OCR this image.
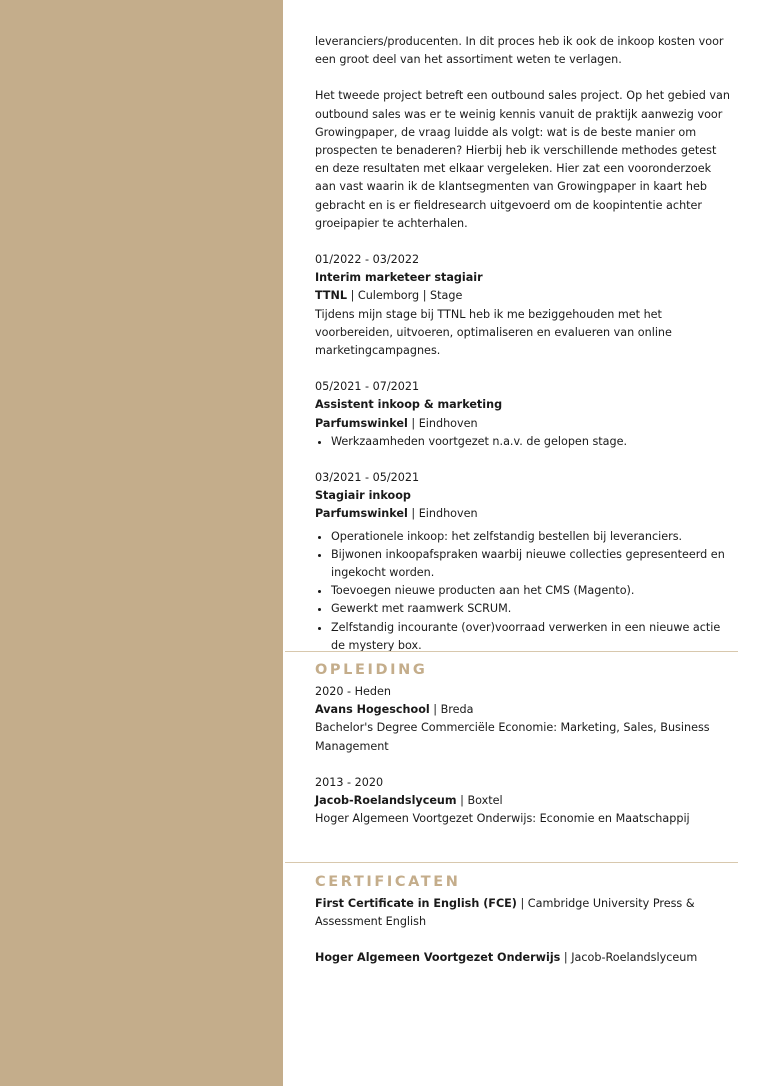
leveranciers/producenten. In dit proces heb ik ook de inkoop kosten voor een groot deel van het assortiment weten te verlagen.

Het tweede project betreft een outbound sales project. Op het gebied van outbound sales was er te weinig kennis vanuit de praktijk aanwezig voor Growingpaper, de vraag luidde als volgt: wat is de beste manier om prospecten te benaderen? Hierbij heb ik verschillende methodes getest en deze resultaten met elkaar vergeleken. Hier zat een vooronderzoek aan vast waarin ik de klantsegmenten van Growingpaper in kaart heb gebracht en is er fieldresearch uitgevoerd om de koopintentie achter groeipapier te achterhalen.

01/2022 - 03/2022

Interim marketeer stagiair

TTNL | Culemborg | Stage

Tijdens mijn stage bij TTNL heb ik me beziggehouden met het voorbereiden, uitvoeren, optimaliseren en evalueren van online marketingcampagnes.

05/2021 - 07/2021

Assistent inkoop & marketing

Parfumswinkel | Eindhoven

• Werkzaamheden voortgezet n.a.v. de gelopen stage.

03/2021 - 05/2021

Stagiair inkoop

Parfumswinkel | Eindhoven

• Operationele inkoop: het zelfstandig bestellen bij leveranciers.
• Bijwonen inkoopafspraken waarbij nieuwe collecties gepresenteerd en ingekocht worden.
• Toevoegen nieuwe producten aan het CMS (Magento).
• Gewerkt met raamwerk SCRUM.
• Zelfstandig incourante (over)voorraad verwerken in een nieuwe actie de mystery box.
OPLEIDING

2020 - Heden

Avans Hogeschool | Breda

Bachelor's Degree Commerciële Economie: Marketing, Sales, Business Management

2013 - 2020

Jacob-Roelandslyceum | Boxtel

Hoger Algemeen Voortgezet Onderwijs: Economie en Maatschappij

CERTIFICATEN

First Certificate in English (FCE) | Cambridge University Press & Assessment English

Hoger Algemeen Voortgezet Onderwijs | Jacob-Roelandslyceum
